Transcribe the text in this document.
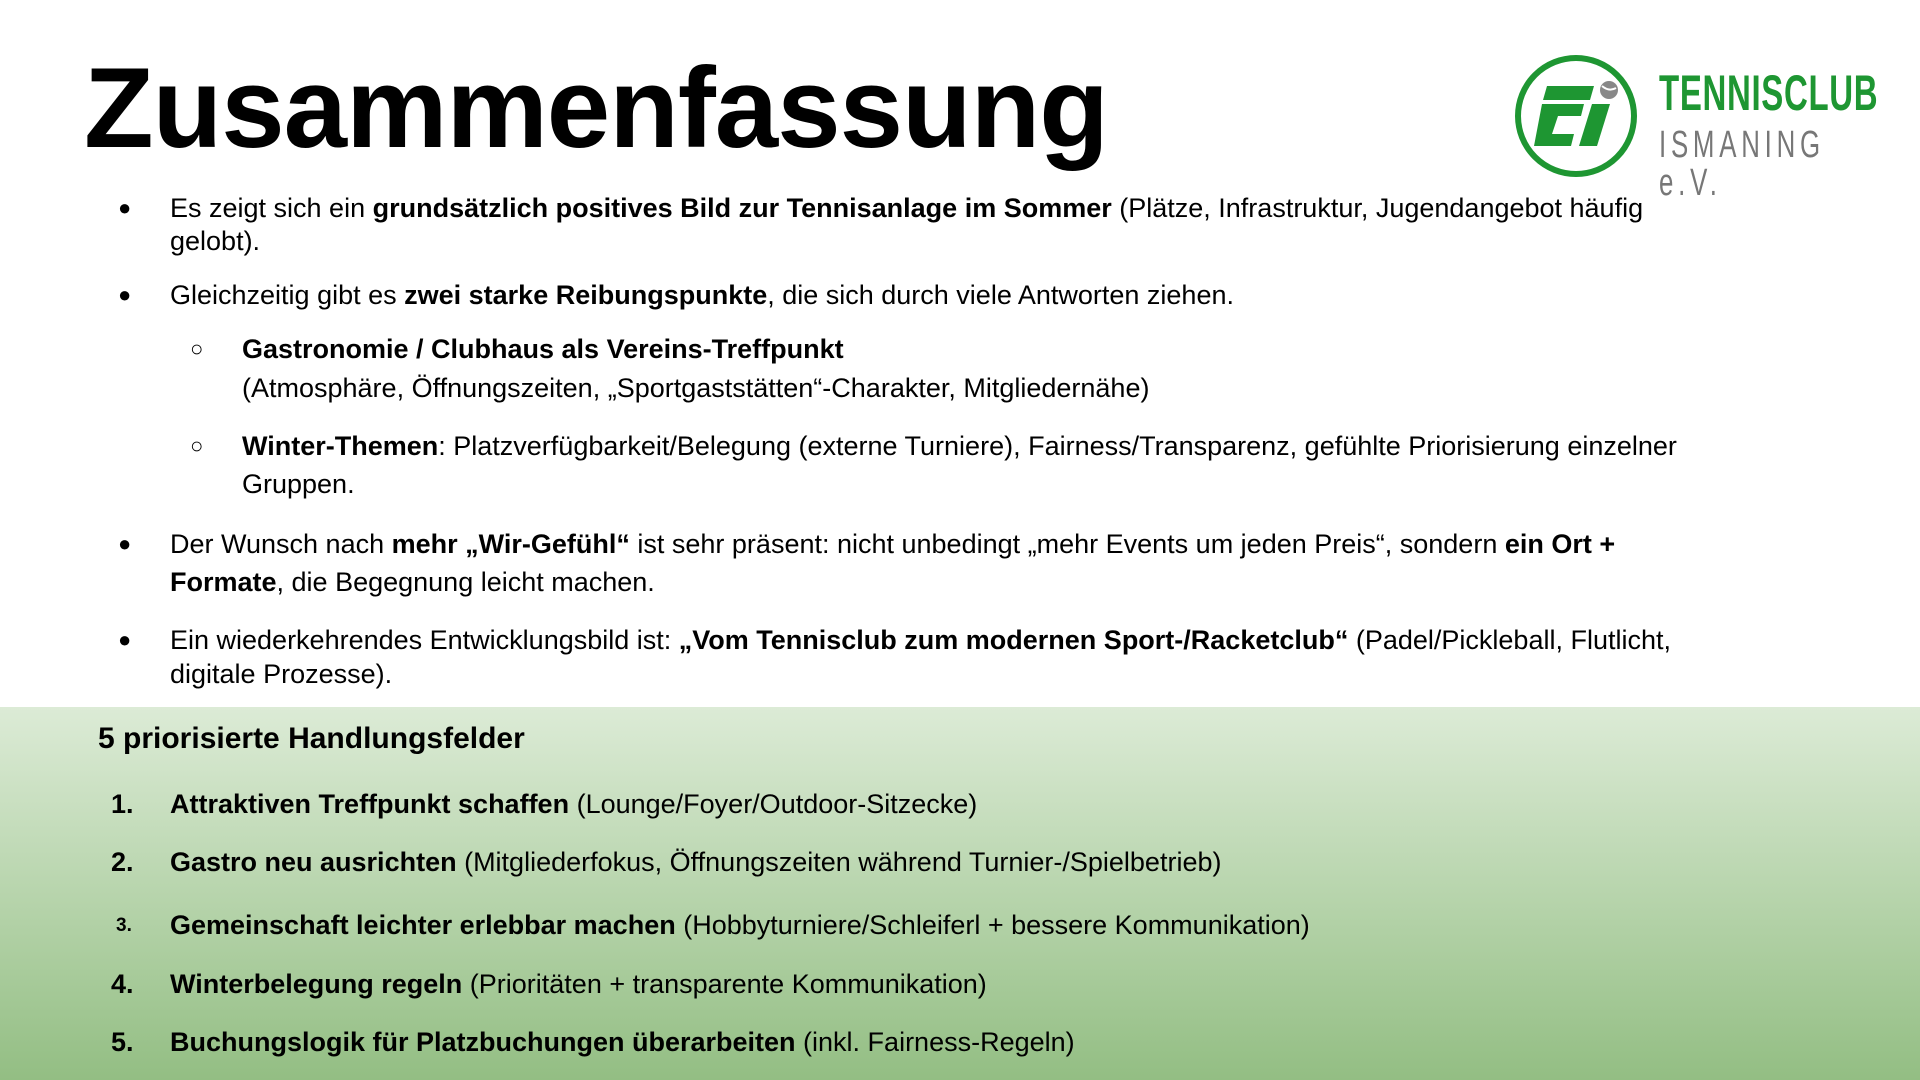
Zusammenfassung	TENNISCLUB
ISMANING e.V.
● Es zeigt sich ein grundsätzlich positives Bild zur Tennisanlage im Sommer (Plätze, Infrastruktur, Jugendangebot häufig
gelobt).
● Gleichzeitig gibt es zwei starke Reibungspunkte, die sich durch viele Antworten ziehen.
○ Gastronomie / Clubhaus als Vereins-Treffpunkt
(Atmosphäre, Öffnungszeiten, „Sportgaststätten“-Charakter, Mitgliedernähe)
○ Winter-Themen: Platzverfügbarkeit/Belegung (externe Turniere), Fairness/Transparenz, gefühlte Priorisierung einzelner
Gruppen.
● Der Wunsch nach mehr „Wir-Gefühl“ ist sehr präsent: nicht unbedingt „mehr Events um jeden Preis“, sondern ein Ort +
Formate, die Begegnung leicht machen.
● Ein wiederkehrendes Entwicklungsbild ist: „Vom Tennisclub zum modernen Sport-/Racketclub“ (Padel/Pickleball, Flutlicht,
digitale Prozesse).
5 priorisierte Handlungsfelder
1. Attraktiven Treffpunkt schaffen (Lounge/Foyer/Outdoor-Sitzecke)
2. Gastro neu ausrichten (Mitgliederfokus, Öffnungszeiten während Turnier-/Spielbetrieb)
3. Gemeinschaft leichter erlebbar machen (Hobbyturniere/Schleiferl + bessere Kommunikation)
4. Winterbelegung regeln (Prioritäten + transparente Kommunikation)
5. Buchungslogik für Platzbuchungen überarbeiten (inkl. Fairness-Regeln)
